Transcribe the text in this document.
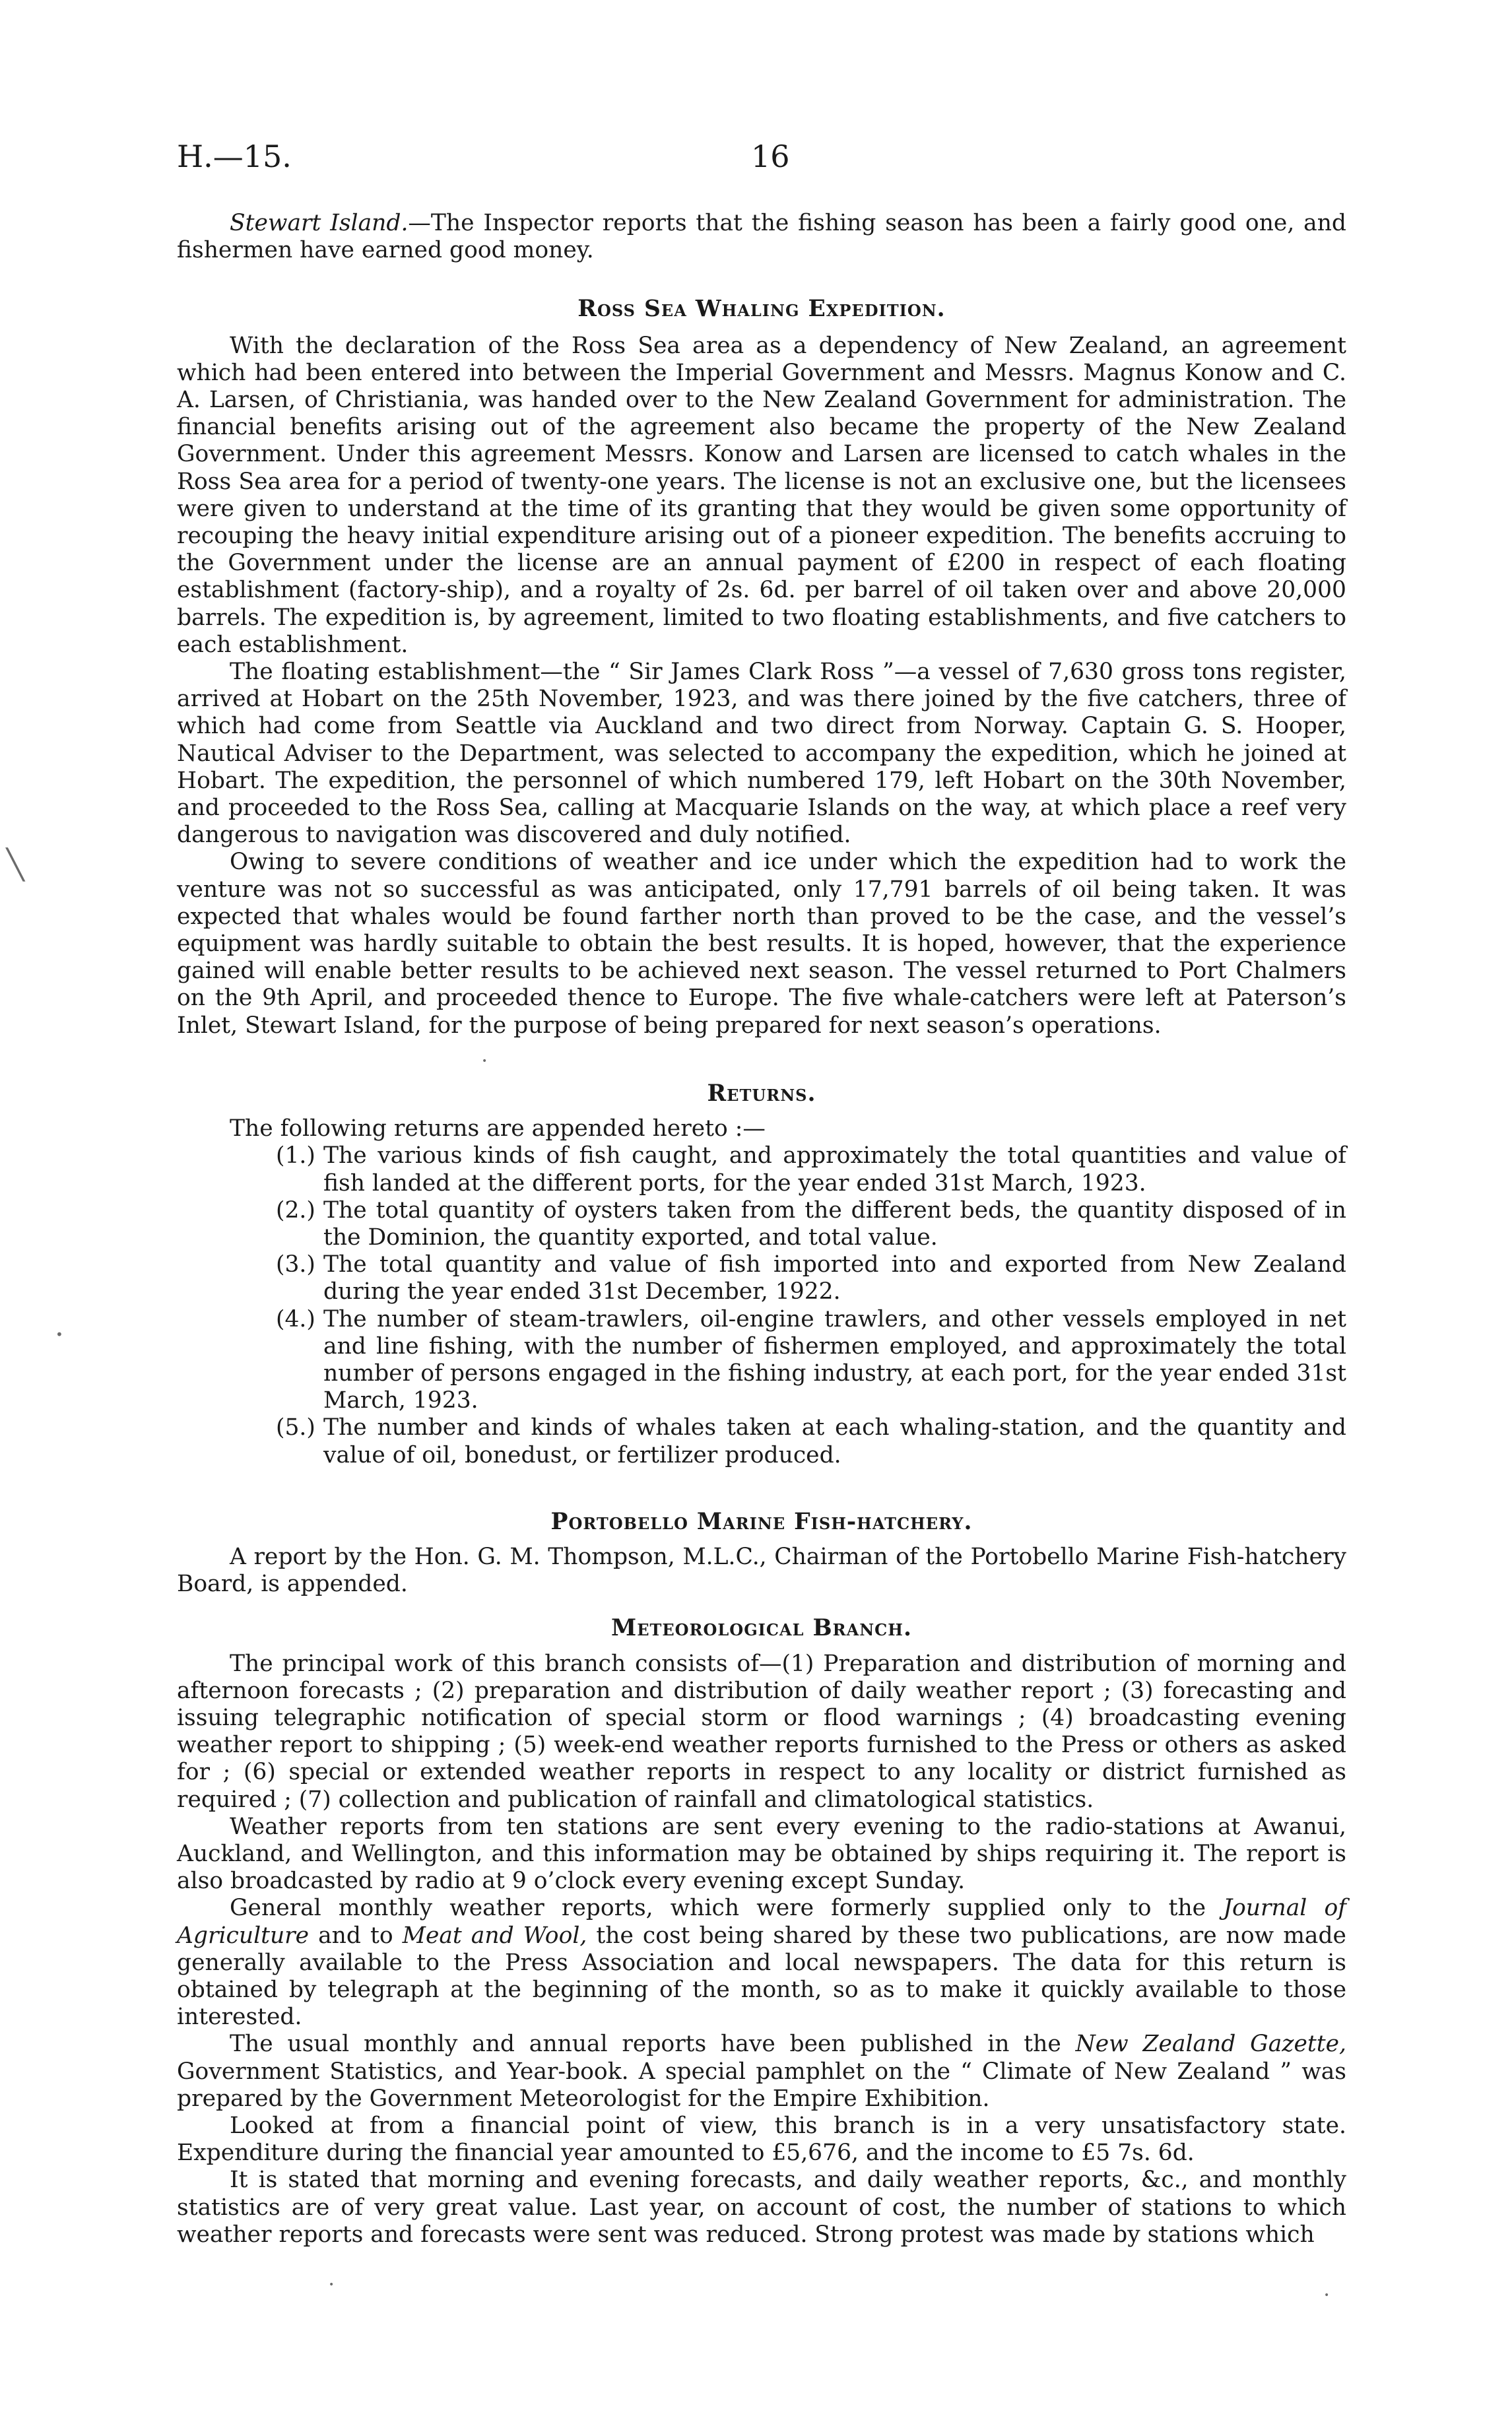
H.—15.	16

Stewart Island.—The Inspector reports that the fishing season has been a fairly good one, and fishermen have earned good money.

Ross Sea Whaling Expedition.

With the declaration of the Ross Sea area as a dependency of New Zealand, an agreement which had been entered into between the Imperial Government and Messrs. Magnus Konow and C. A. Larsen, of Christiania, was handed over to the New Zealand Government for administration. The financial benefits arising out of the agreement also became the property of the New Zealand Government. Under this agreement Messrs. Konow and Larsen are licensed to catch whales in the Ross Sea area for a period of twenty-one years. The license is not an exclusive one, but the licensees were given to understand at the time of its granting that they would be given some opportunity of recouping the heavy initial expenditure arising out of a pioneer expedition. The benefits accruing to the Government under the license are an annual payment of £200 in respect of each floating establishment (factory-ship), and a royalty of 2s. 6d. per barrel of oil taken over and above 20,000 barrels. The expedition is, by agreement, limited to two floating establishments, and five catchers to each establishment.

The floating establishment—the “ Sir James Clark Ross ”—a vessel of 7,630 gross tons register, arrived at Hobart on the 25th November, 1923, and was there joined by the five catchers, three of which had come from Seattle via Auckland and two direct from Norway. Captain G. S. Hooper, Nautical Adviser to the Department, was selected to accompany the expedition, which he joined at Hobart. The expedition, the personnel of which numbered 179, left Hobart on the 30th November, and proceeded to the Ross Sea, calling at Macquarie Islands on the way, at which place a reef very dangerous to navigation was discovered and duly notified.

Owing to severe conditions of weather and ice under which the expedition had to work the venture was not so successful as was anticipated, only 17,791 barrels of oil being taken. It was expected that whales would be found farther north than proved to be the case, and the vessel’s equipment was hardly suitable to obtain the best results. It is hoped, however, that the experience gained will enable better results to be achieved next season. The vessel returned to Port Chalmers on the 9th April, and proceeded thence to Europe. The five whale-catchers were left at Paterson’s Inlet, Stewart Island, for the purpose of being prepared for next season’s operations.

Returns.

The following returns are appended hereto :—

(1.) The various kinds of fish caught, and approximately the total quantities and value of fish landed at the different ports, for the year ended 31st March, 1923.
(2.) The total quantity of oysters taken from the different beds, the quantity disposed of in the Dominion, the quantity exported, and total value.
(3.) The total quantity and value of fish imported into and exported from New Zealand during the year ended 31st December, 1922.
(4.) The number of steam-trawlers, oil-engine trawlers, and other vessels employed in net and line fishing, with the number of fishermen employed, and approximately the total number of persons engaged in the fishing industry, at each port, for the year ended 31st March, 1923.
(5.) The number and kinds of whales taken at each whaling-station, and the quantity and value of oil, bonedust, or fertilizer produced.
Portobello Marine Fish-hatchery.

A report by the Hon. G. M. Thompson, M.L.C., Chairman of the Portobello Marine Fish-hatchery Board, is appended.

Meteorological Branch.

The principal work of this branch consists of—(1) Preparation and distribution of morning and afternoon forecasts ; (2) preparation and distribution of daily weather report ; (3) forecasting and issuing telegraphic notification of special storm or flood warnings ; (4) broadcasting evening weather report to shipping ; (5) week-end weather reports furnished to the Press or others as asked for ; (6) special or extended weather reports in respect to any locality or district furnished as required ; (7) collection and publication of rainfall and climatological statistics.

Weather reports from ten stations are sent every evening to the radio-stations at Awanui, Auckland, and Wellington, and this information may be obtained by ships requiring it. The report is also broadcasted by radio at 9 o’clock every evening except Sunday.

General monthly weather reports, which were formerly supplied only to the Journal of Agriculture and to Meat and Wool, the cost being shared by these two publications, are now made generally available to the Press Association and local newspapers. The data for this return is obtained by telegraph at the beginning of the month, so as to make it quickly available to those interested.

The usual monthly and annual reports have been published in the New Zealand Gazette, Government Statistics, and Year-book. A special pamphlet on the “ Climate of New Zealand ” was prepared by the Government Meteorologist for the Empire Exhibition.

Looked at from a financial point of view, this branch is in a very unsatisfactory state. Expenditure during the financial year amounted to £5,676, and the income to £5 7s. 6d.

It is stated that morning and evening forecasts, and daily weather reports, &c., and monthly statistics are of very great value. Last year, on account of cost, the number of stations to which weather reports and forecasts were sent was reduced. Strong protest was made by stations which

╲
•
•
•
•
